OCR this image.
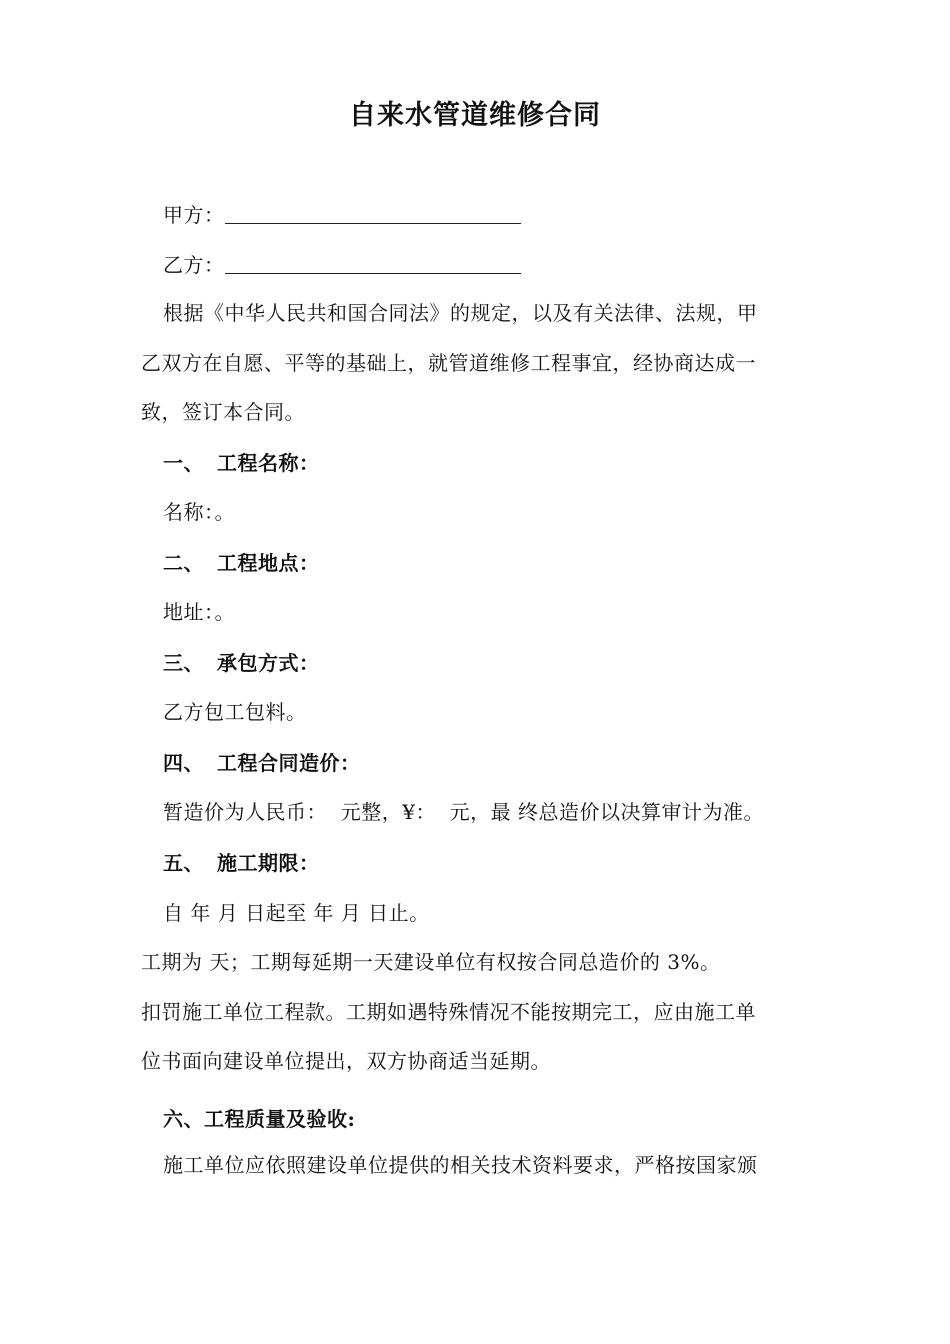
自来水管道维修合同
甲方：
乙方：
根据《中华人民共和国合同法》的规定，以及有关法律、法规，甲
乙双方在自愿、平等的基础上，就管道维修工程事宜，经协商达成一
致，签订本合同。
一、 工程名称：
名称：。
二、 工程地点：
地址：。
三、 承包方式：
乙方包工包料。
四、 工程合同造价：
暂造价为人民币：  元整，¥：  元，最 终总造价以决算审计为准。
五、 施工期限：
自 年 月 日起至 年 月 日止。
工期为 天；工期每延期一天建设单位有权按合同总造价的 3%。
扣罚施工单位工程款。工期如遇特殊情况不能按期完工，应由施工单
位书面向建设单位提出，双方协商适当延期。
六、工程质量及验收:
施工单位应依照建设单位提供的相关技术资料要求，严格按国家颁
